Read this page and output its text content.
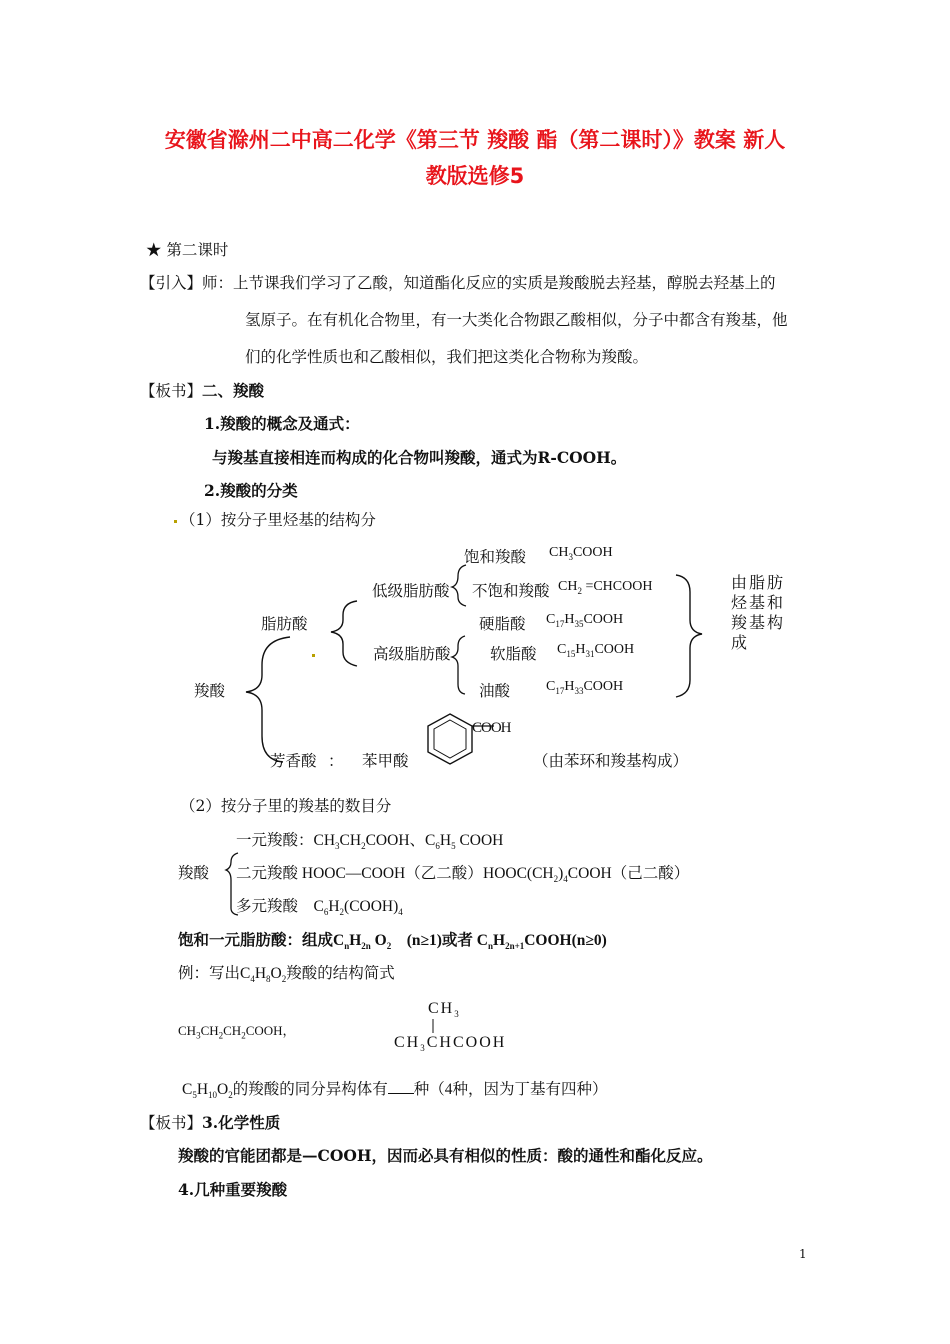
安徽省滁州二中高二化学《第三节 羧酸 酯（第二课时）》教案 新人
教版选修5
★ 第二课时
【引入】师：上节课我们学习了乙酸，知道酯化反应的实质是羧酸脱去羟基，醇脱去羟基上的
氢原子。在有机化合物里，有一大类化合物跟乙酸相似，分子中都含有羧基，他
们的化学性质也和乙酸相似，我们把这类化合物称为羧酸。
【板书】二、羧酸
1.羧酸的概念及通式：
与羧基直接相连而构成的化合物叫羧酸，通式为R-COOH。
2.羧酸的分类
（1）按分子里烃基的结构分
饱和羧酸 $CH_3COOH$
低级脂肪酸 不饱和羧酸 $CH_2$ =CHCOOH
脂肪酸	硬脂酸 $C_{17}H_{35}COOH$
高级脂肪酸	软脂酸 $C_{15}H_{31}COOH$
羧酸	油酸	$C_{17}H_{33}COOH$
由脂肪烃基和羧基构成
芳香酸 ： 苯甲酸
COOH
（由苯环和羧基构成）
（2）按分子里的羧基的数目分
一元羧酸：$CH_3CH_2COOH$、$C_6H_5$ COOH
羧酸 二元羧酸 HOOC—COOH（乙二酸） $HOOC(CH_2)_4COOH$（己二酸）
多元羧酸　$C_6H_2(COOH)_4$
饱和一元脂肪酸：组成$C_nH_{2n}$ $O_2$　(n≥1)或者 $C_nH_{2n+1}COOH(n\ge 0)$
例：写出$C_4H_8O_2$羧酸的结构简式
$CH_3CH_2CH_2COOH$，
$CH_3$
$CH_3CHCOOH$
$C_5H_{10}O_2$的羧酸的同分异构体有 种（4种，因为丁基有四种）
【板书】3.化学性质
羧酸的官能团都是—COOH，因而必具有相似的性质：酸的通性和酯化反应。
4.几种重要羧酸
1
